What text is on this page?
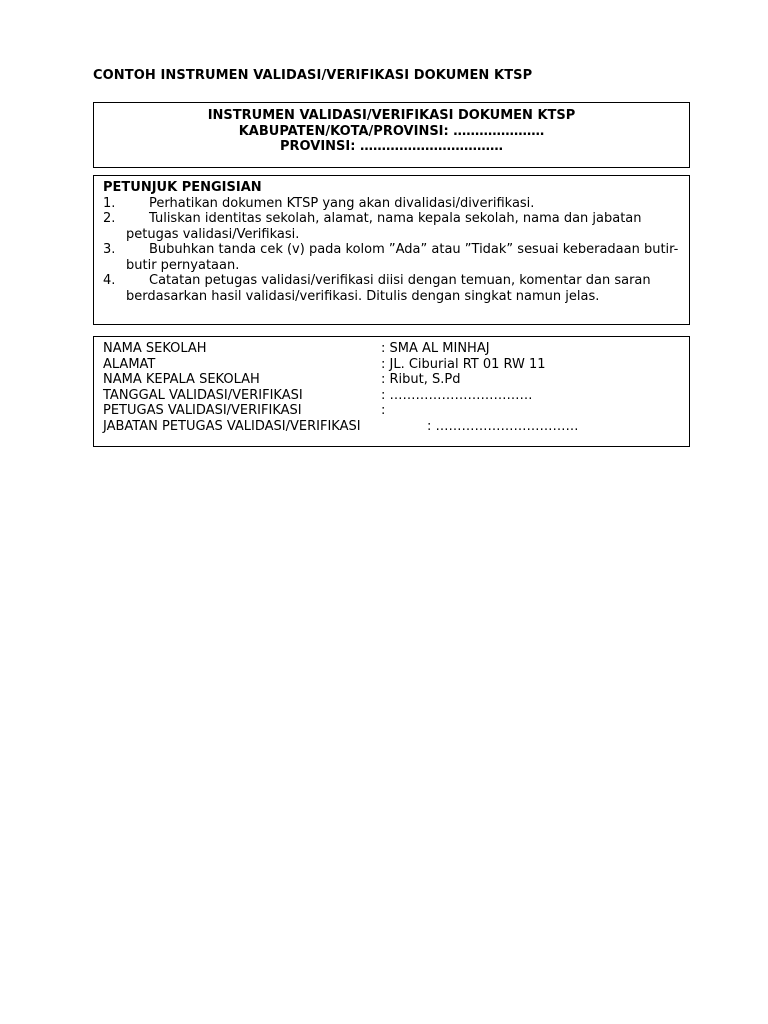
CONTOH INSTRUMEN VALIDASI/VERIFIKASI DOKUMEN KTSP
INSTRUMEN VALIDASI/VERIFIKASI DOKUMEN KTSP
KABUPATEN/KOTA/PROVINSI: …………………
PROVINSI: ……………………………
PETUNJUK PENGISIAN
1.	Perhatikan dokumen KTSP yang akan divalidasi/diverifikasi.
2.	Tuliskan identitas sekolah, alamat, nama kepala sekolah, nama dan jabatan petugas validasi/Verifikasi.
3.	Bubuhkan tanda cek (v) pada kolom ”Ada” atau ”Tidak” sesuai keberadaan butir-butir pernyataan.
4.	Catatan petugas validasi/verifikasi diisi dengan temuan, komentar dan saran berdasarkan hasil validasi/verifikasi. Ditulis dengan singkat namun jelas.
NAMA SEKOLAH	: SMA AL MINHAJ
ALAMAT	: JL. Ciburial RT 01 RW 11
NAMA KEPALA SEKOLAH	: Ribut, S.Pd
TANGGAL VALIDASI/VERIFIKASI	: ……………………………
PETUGAS VALIDASI/VERIFIKASI	:
JABATAN PETUGAS VALIDASI/VERIFIKASI	: ……………………………
